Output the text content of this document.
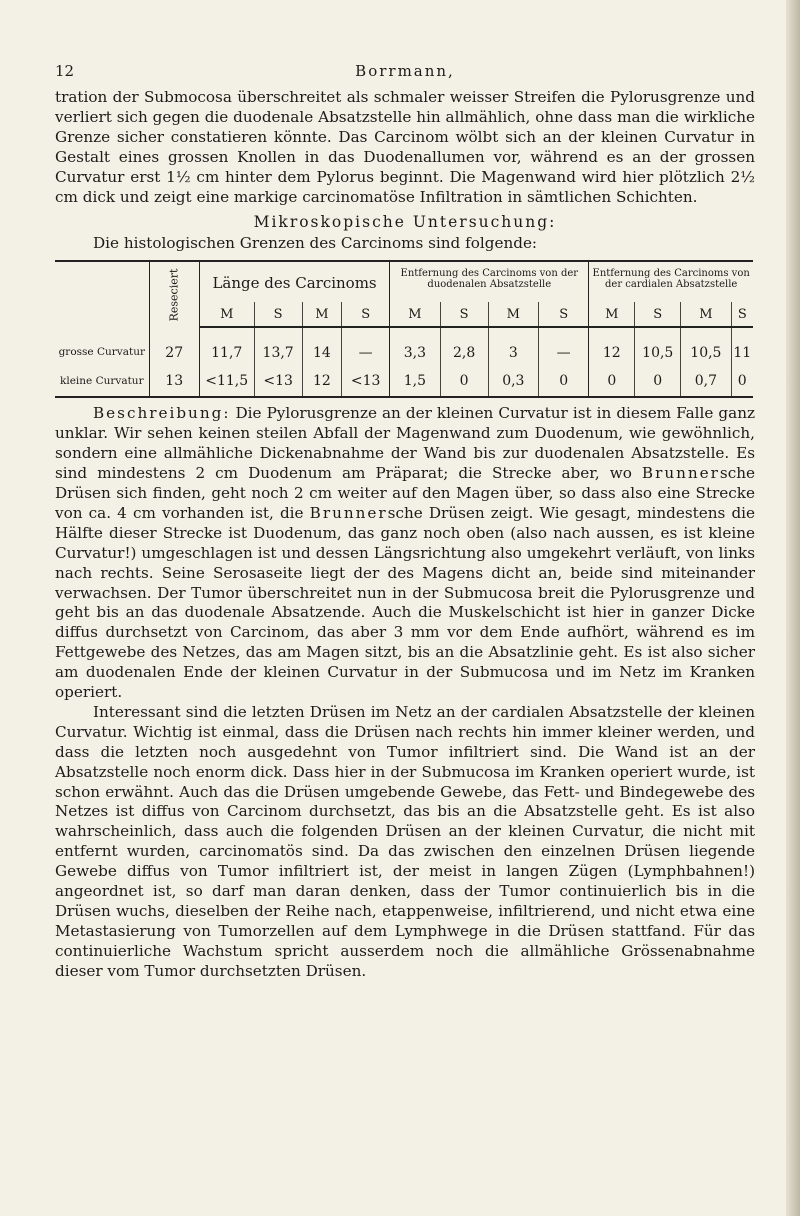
12	Borrmann,

tration der Submocosa überschreitet als schmaler weisser Streifen die Pylorusgrenze und verliert sich gegen die duodenale Absatzstelle hin allmählich, ohne dass man die wirkliche Grenze sicher constatieren könnte. Das Carcinom wölbt sich an der kleinen Curvatur in Gestalt eines grossen Knollen in das Duodenallumen vor, während es an der grossen Curvatur erst 1½ cm hinter dem Pylorus beginnt. Die Magenwand wird hier plötzlich 2½ cm dick und zeigt eine markige carcinomatöse Infiltration in sämtlichen Schichten.

Mikroskopische Untersuchung:

Die histologischen Grenzen des Carcinoms sind folgende:

	Reseciert	Länge des Carcinoms				Entfernung des Carcinoms von der duodenalen Absatzstelle				Entfernung des Carcinoms von der cardialen Absatzstelle			
		M	S	M	S	M	S	M	S	M	S	M	S
grosse Curvatur	27	11,7	13,7	14	—	3,3	2,8	3	—	12	10,5	10,5	11
kleine Curvatur	13	<11,5	<13	12	<13	1,5	0	0,3	0	0	0	0,7	0

Beschreibung: Die Pylorusgrenze an der kleinen Curvatur ist in diesem Falle ganz unklar. Wir sehen keinen steilen Abfall der Magenwand zum Duodenum, wie gewöhnlich, sondern eine allmähliche Dickenabnahme der Wand bis zur duodenalen Absatzstelle. Es sind mindestens 2 cm Duodenum am Präparat; die Strecke aber, wo Brunnersche Drüsen sich finden, geht noch 2 cm weiter auf den Magen über, so dass also eine Strecke von ca. 4 cm vorhanden ist, die Brunnersche Drüsen zeigt. Wie gesagt, mindestens die Hälfte dieser Strecke ist Duodenum, das ganz noch oben (also nach aussen, es ist kleine Curvatur!) umgeschlagen ist und dessen Längsrichtung also umgekehrt verläuft, von links nach rechts. Seine Serosaseite liegt der des Magens dicht an, beide sind miteinander verwachsen. Der Tumor überschreitet nun in der Submucosa breit die Pylorusgrenze und geht bis an das duodenale Absatzende. Auch die Muskelschicht ist hier in ganzer Dicke diffus durchsetzt von Carcinom, das aber 3 mm vor dem Ende aufhört, während es im Fettgewebe des Netzes, das am Magen sitzt, bis an die Absatzlinie geht. Es ist also sicher am duodenalen Ende der kleinen Curvatur in der Submucosa und im Netz im Kranken operiert.

Interessant sind die letzten Drüsen im Netz an der cardialen Absatzstelle der kleinen Curvatur. Wichtig ist einmal, dass die Drüsen nach rechts hin immer kleiner werden, und dass die letzten noch ausgedehnt von Tumor infiltriert sind. Die Wand ist an der Absatzstelle noch enorm dick. Dass hier in der Submucosa im Kranken operiert wurde, ist schon erwähnt. Auch das die Drüsen umgebende Gewebe, das Fett- und Bindegewebe des Netzes ist diffus von Carcinom durchsetzt, das bis an die Absatzstelle geht. Es ist also wahrscheinlich, dass auch die folgenden Drüsen an der kleinen Curvatur, die nicht mit entfernt wurden, carcinomatös sind. Da das zwischen den einzelnen Drüsen liegende Gewebe diffus von Tumor infiltriert ist, der meist in langen Zügen (Lymphbahnen!) angeordnet ist, so darf man daran denken, dass der Tumor continuierlich bis in die Drüsen wuchs, dieselben der Reihe nach, etappenweise, infiltrierend, und nicht etwa eine Metastasierung von Tumorzellen auf dem Lymphwege in die Drüsen stattfand. Für das continuierliche Wachstum spricht ausserdem noch die allmähliche Grössenabnahme dieser vom Tumor durchsetzten Drüsen.
